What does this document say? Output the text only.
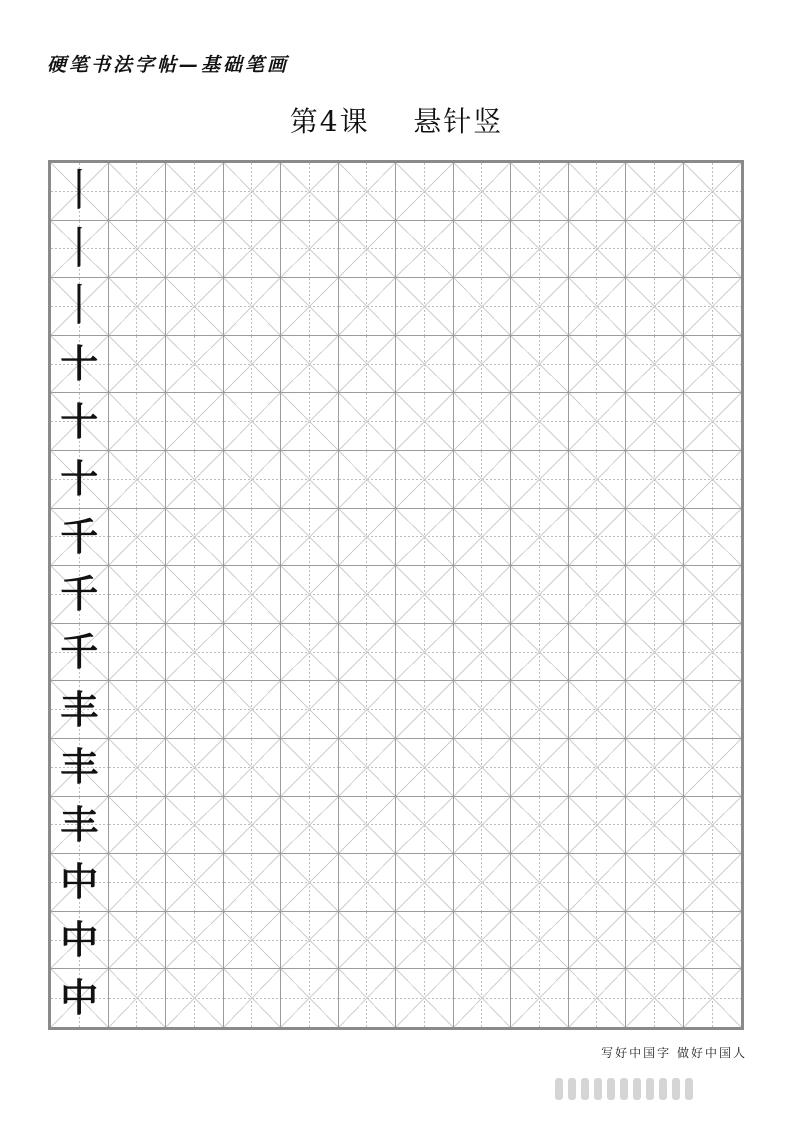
硬笔书法字帖—基础笔画
第4课    悬针竖
丨
丨
丨
十
十
十
千
千
千
丰
丰
丰
中
中
中
写好中国字 做好中国人
